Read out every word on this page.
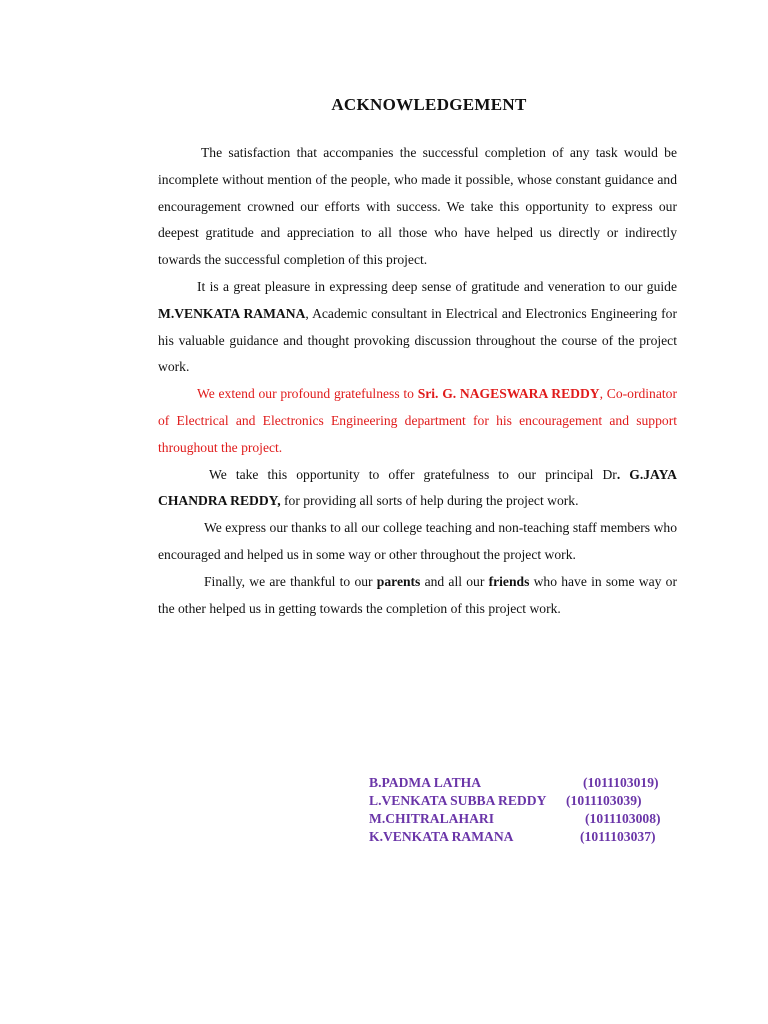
ACKNOWLEDGEMENT

The satisfaction that accompanies the successful completion of any task would be incomplete without mention of the people, who made it possible, whose constant guidance and encouragement crowned our efforts with success. We take this opportunity to express our deepest gratitude and appreciation to all those who have helped us directly or indirectly towards the successful completion of this project.

It is a great pleasure in expressing deep sense of gratitude and veneration to our guide M.VENKATA RAMANA, Academic consultant in Electrical and Electronics Engineering for his valuable guidance and thought provoking discussion throughout the course of the project work.

We extend our profound gratefulness to Sri. G. NAGESWARA REDDY, Co-ordinator of Electrical and Electronics Engineering department for his encouragement and support throughout the project.

We take this opportunity to offer gratefulness to our principal Dr. G.JAYA CHANDRA REDDY, for providing all sorts of help during the project work.

We express our thanks to all our college teaching and non-teaching staff members who encouraged and helped us in some way or other throughout the project work.

Finally, we are thankful to our parents and all our friends who have in some way or the other helped us in getting towards the completion of this project work.

B.PADMA LATHA	(1011103019)
L.VENKATA SUBBA REDDY (1011103039)
M.CHITRALAHARI	(1011103008)
K.VENKATA RAMANA	(1011103037)
